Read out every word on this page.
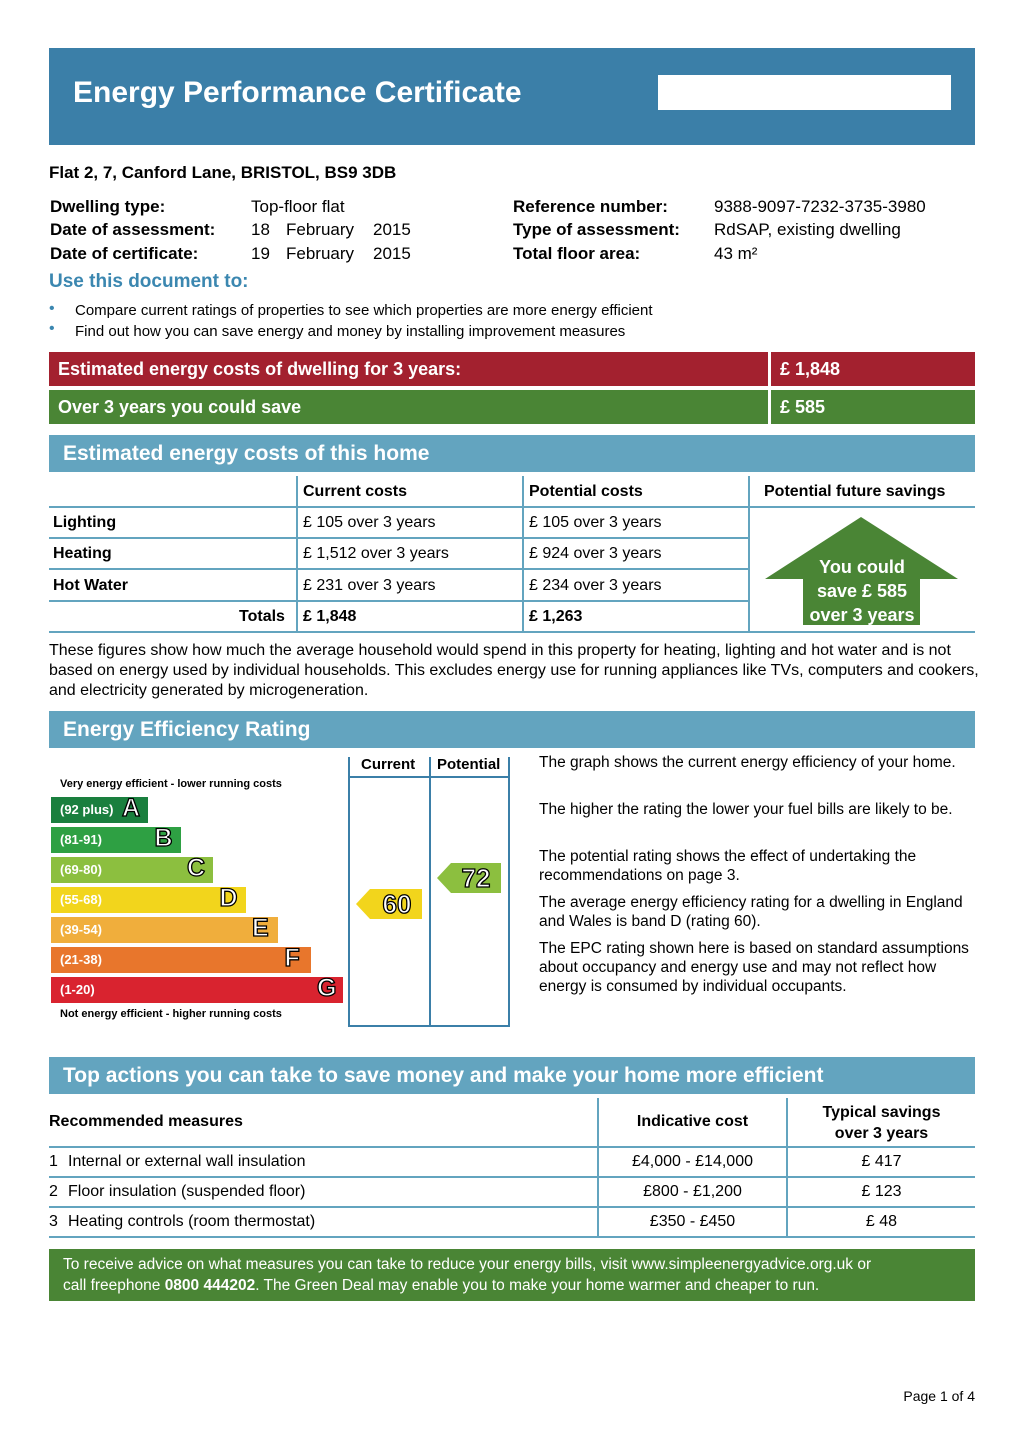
Energy Performance Certificate
Flat 2, 7, Canford Lane, BRISTOL, BS9 3DB
Dwelling type:	Top-floor flat
Date of assessment: 18 February 2015
Date of certificate:	19 February 2015
Reference number:	9388-9097-7232-3735-3980
Type of assessment: RdSAP, existing dwelling
Total floor area:	43 m²
Use this document to:
• Compare current ratings of properties to see which properties are more energy efficient
• Find out how you can save energy and money by installing improvement measures
Estimated energy costs of dwelling for 3 years:	£ 1,848
Over 3 years you could save	£ 585
Estimated energy costs of this home
Current costs	Potential costs	Potential future savings
Lighting	£ 105 over 3 years	£ 105 over 3 years
Heating	£ 1,512 over 3 years	£ 924 over 3 years
Hot Water	£ 231 over 3 years	£ 234 over 3 years
Totals £ 1,848	£ 1,263
You could
save £ 585
over 3 years
These figures show how much the average household would spend in this property for heating, lighting and hot water and is not based on energy used by individual households. This excludes energy use for running appliances like TVs, computers and cookers, and electricity generated by microgeneration.
Energy Efficiency Rating
Current Potential
Very energy efficient - lower running costs
Not energy efficient - higher running costs
(92 plus) A
(81-91) B
(69-80)	C
(55-68)	D
(39-54)	E
(21-38)	F
(1-20)	G
60
72
The graph shows the current energy efficiency of your home.
The higher the rating the lower your fuel bills are likely to be.
The potential rating shows the effect of undertaking the recommendations on page 3.
The average energy efficiency rating for a dwelling in England and Wales is band D (rating 60).
The EPC rating shown here is based on standard assumptions about occupancy and energy use and may not reflect how energy is consumed by individual occupants.
Top actions you can take to save money and make your home more efficient
Recommended measures	Indicative cost
Typical savings
over 3 years
1 Internal or external wall insulation	£4,000 - £14,000	£ 417
2 Floor insulation (suspended floor)	£800 - £1,200	£ 123
3 Heating controls (room thermostat)	£350 - £450	£ 48
To receive advice on what measures you can take to reduce your energy bills, visit www.simpleenergyadvice.org.uk or
call freephone 0800 444202. The Green Deal may enable you to make your home warmer and cheaper to run.
Page 1 of 4
